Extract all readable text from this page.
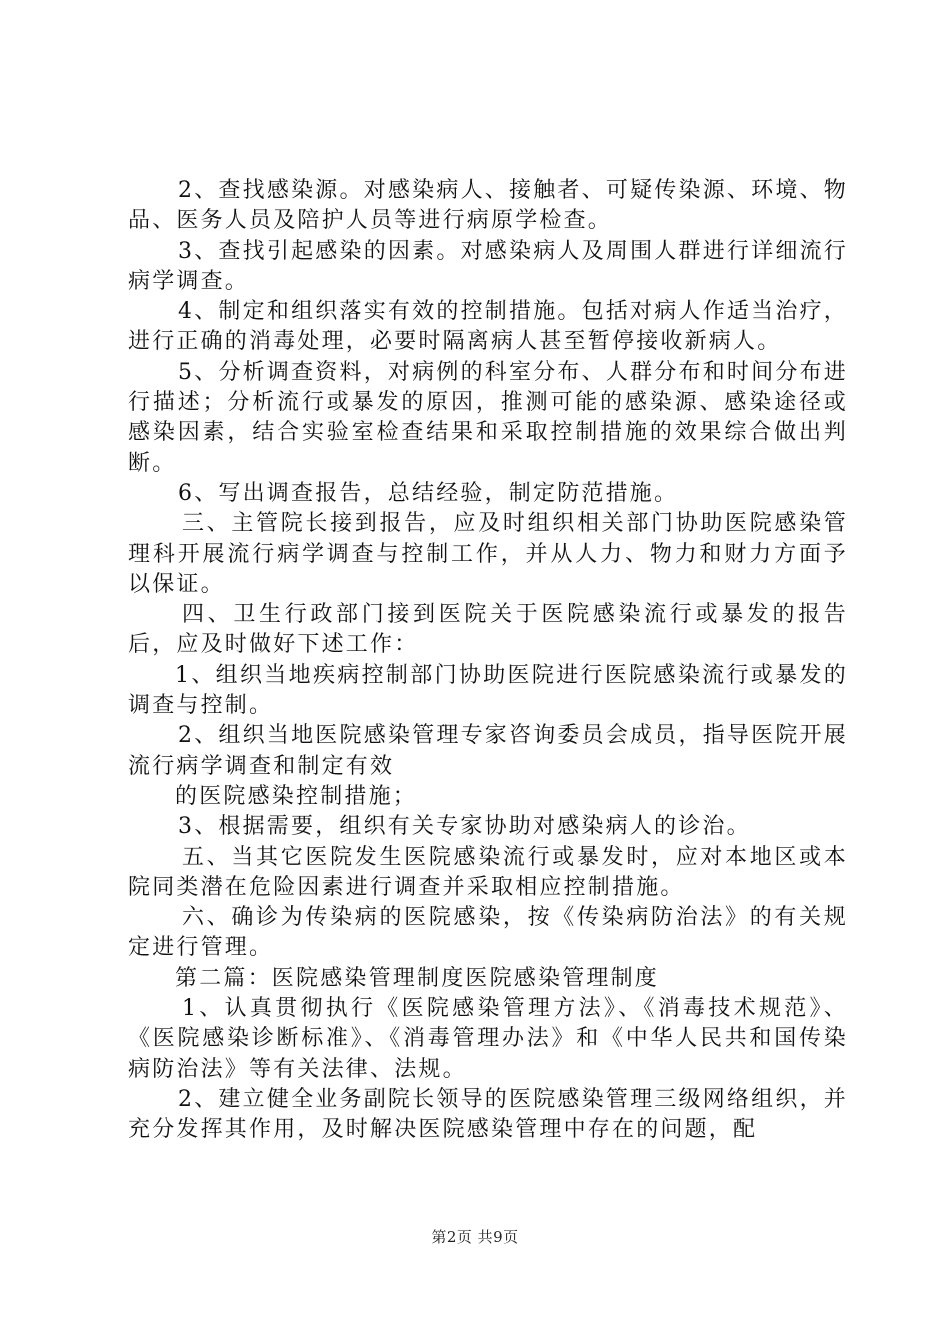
2、查找感染源。对感染病人、接触者、可疑传染源、环境、物品、医务人员及陪护人员等进行病原学检查。

3、查找引起感染的因素。对感染病人及周围人群进行详细流行病学调查。

4、制定和组织落实有效的控制措施。包括对病人作适当治疗，进行正确的消毒处理，必要时隔离病人甚至暂停接收新病人。

5、分析调查资料，对病例的科室分布、人群分布和时间分布进行描述；分析流行或暴发的原因，推测可能的感染源、感染途径或感染因素，结合实验室检查结果和采取控制措施的效果综合做出判断。

6、写出调查报告，总结经验，制定防范措施。

三、主管院长接到报告，应及时组织相关部门协助医院感染管理科开展流行病学调查与控制工作，并从人力、物力和财力方面予以保证。

四、卫生行政部门接到医院关于医院感染流行或暴发的报告后，应及时做好下述工作：

1、组织当地疾病控制部门协助医院进行医院感染流行或暴发的调查与控制。

2、组织当地医院感染管理专家咨询委员会成员，指导医院开展流行病学调查和制定有效

的医院感染控制措施；

3、根据需要，组织有关专家协助对感染病人的诊治。

五、当其它医院发生医院感染流行或暴发时，应对本地区或本院同类潜在危险因素进行调查并采取相应控制措施。

六、确诊为传染病的医院感染，按《传染病防治法》的有关规定进行管理。

第二篇：医院感染管理制度医院感染管理制度

1、认真贯彻执行《医院感染管理方法》、《消毒技术规范》、《医院感染诊断标准》、《消毒管理办法》和《中华人民共和国传染病防治法》等有关法律、法规。

2、建立健全业务副院长领导的医院感染管理三级网络组织，并充分发挥其作用，及时解决医院感染管理中存在的问题，配

第2页 共9页
